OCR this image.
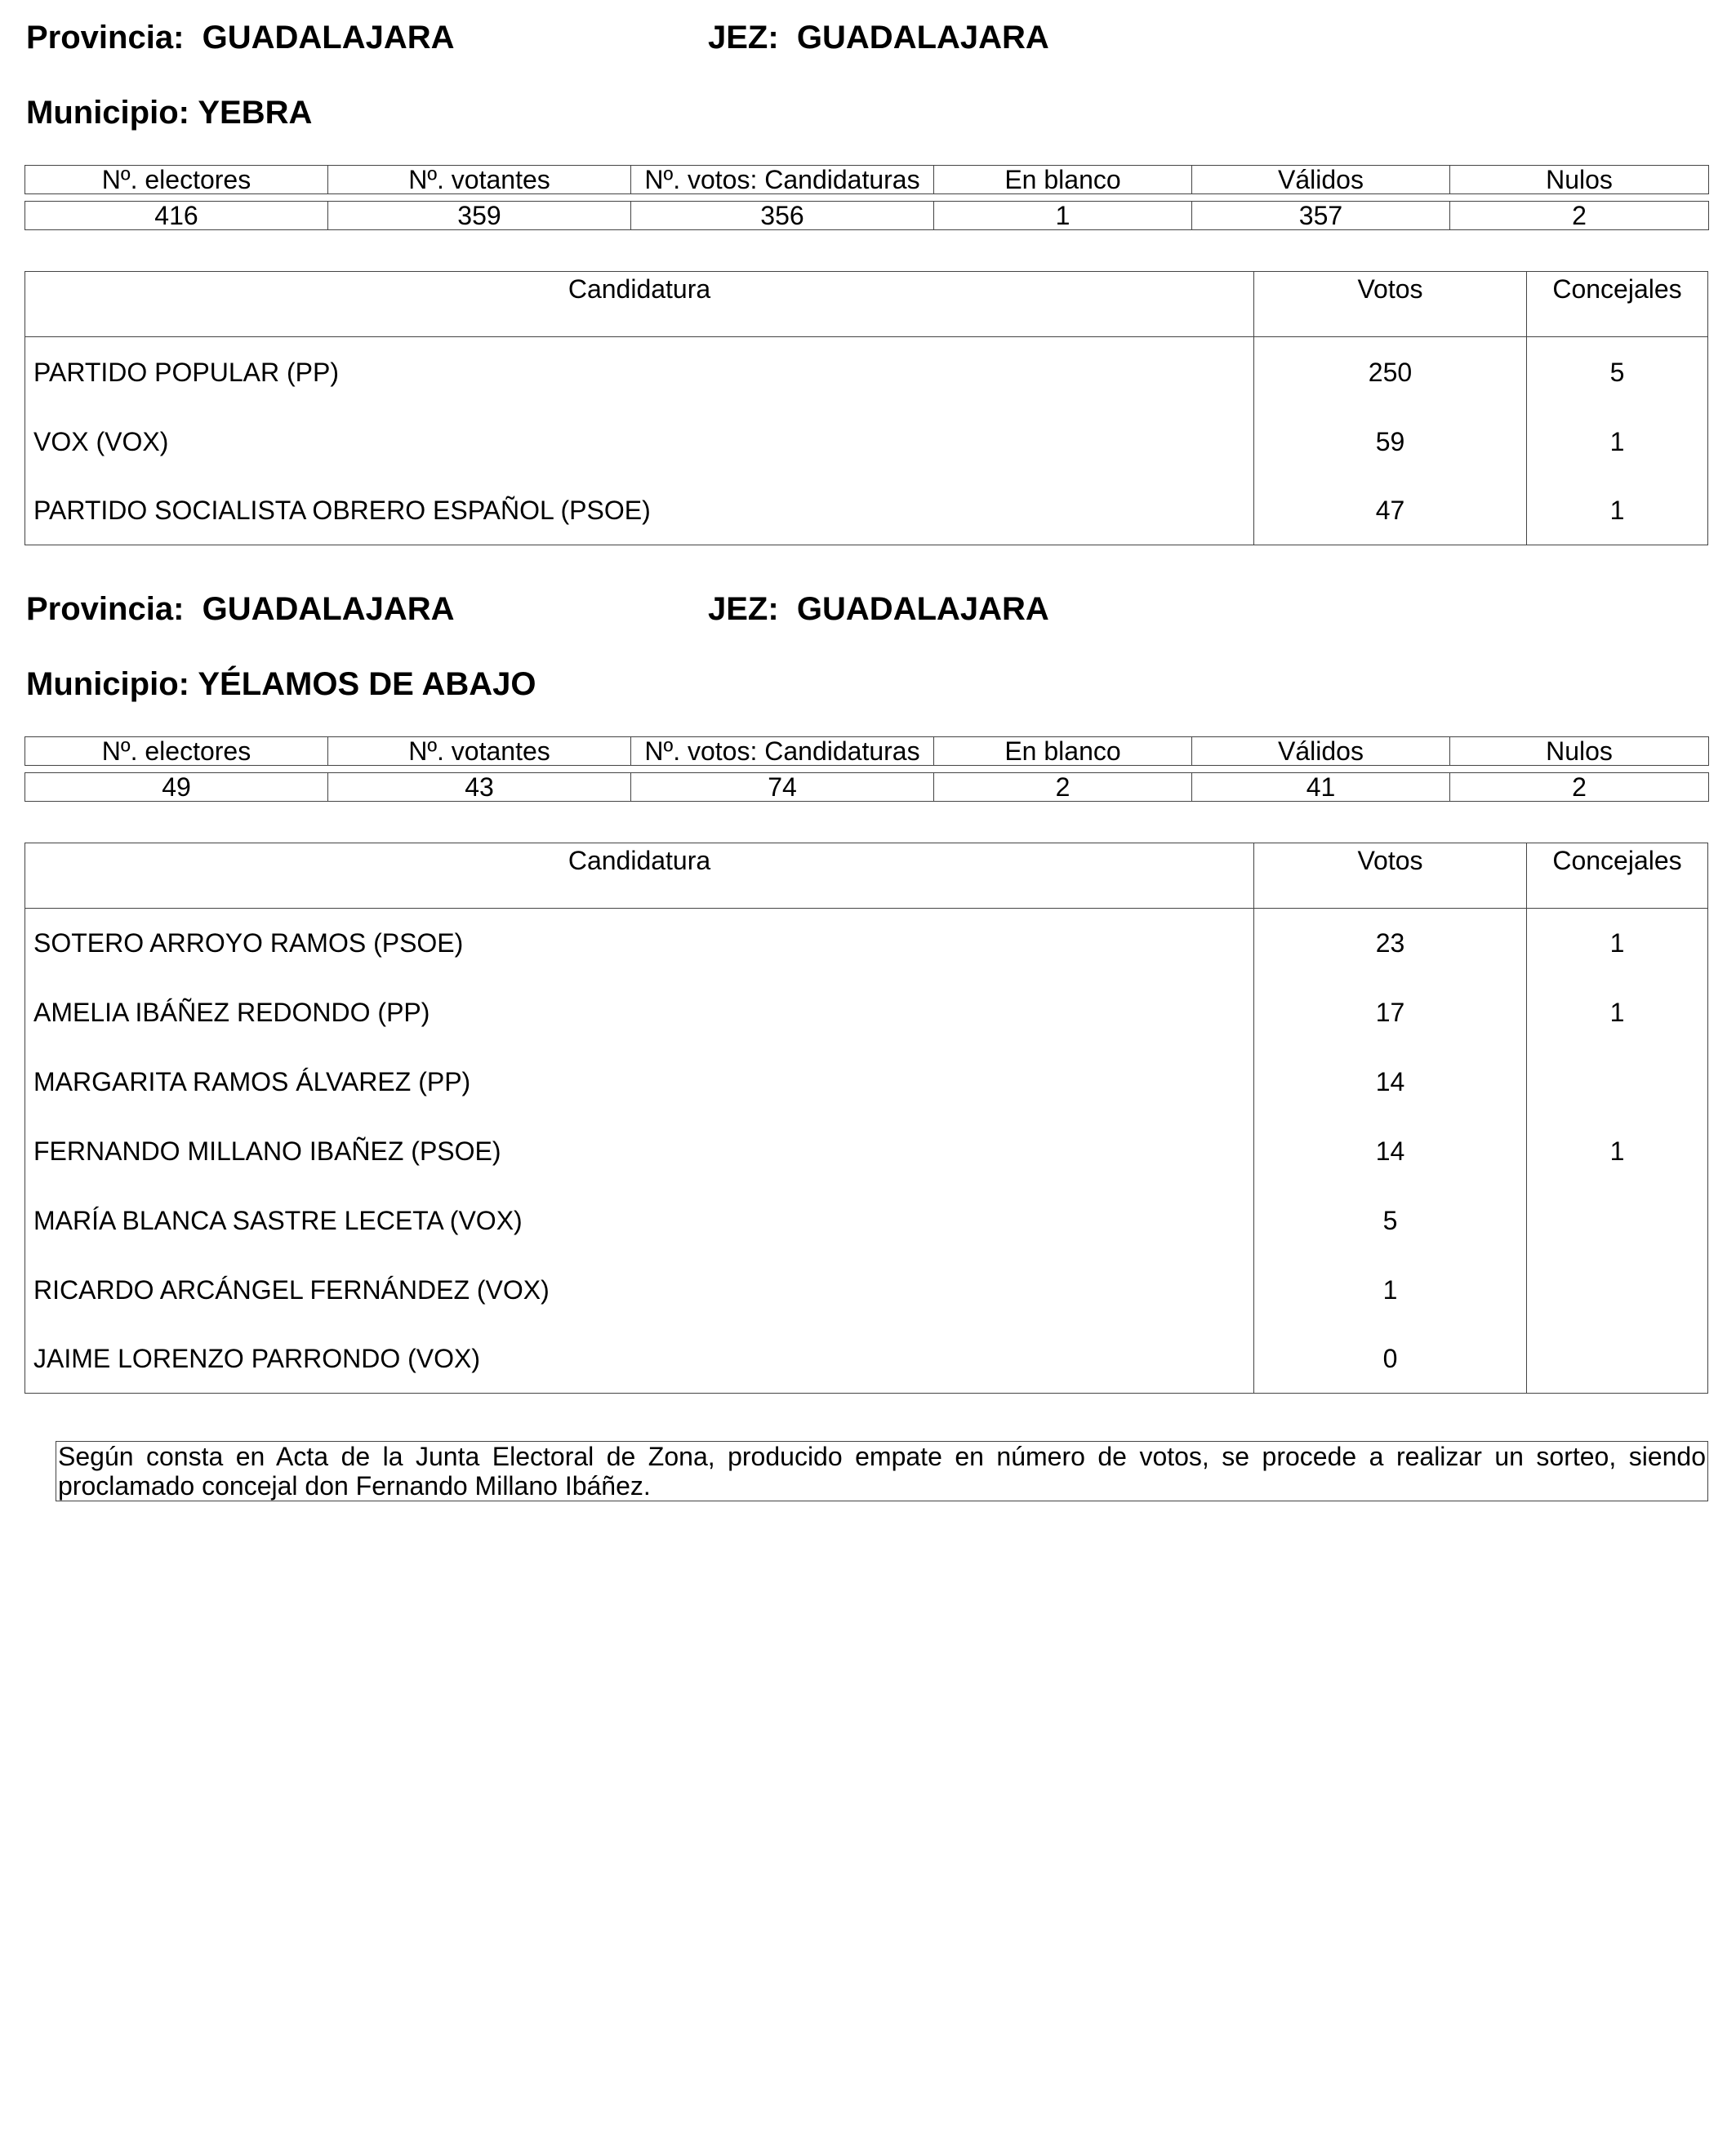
Provincia: GUADALAJARA	JEZ: GUADALAJARA
Municipio: YEBRA
Nº. electores	Nº. votantes	Nº. votos: Candidaturas	En blanco	Válidos	Nulos

416	359	356	1	357	2
Candidatura	Votos	Concejales
PARTIDO POPULAR (PP)	250	5
VOX (VOX)	59	1
PARTIDO SOCIALISTA OBRERO ESPAÑOL (PSOE)	47	1
Provincia: GUADALAJARA	JEZ: GUADALAJARA
Municipio: YÉLAMOS DE ABAJO
Nº. electores	Nº. votantes	Nº. votos: Candidaturas	En blanco	Válidos	Nulos

49	43	74	2	41	2
Candidatura	Votos	Concejales
SOTERO ARROYO RAMOS (PSOE)	23	1
AMELIA IBÁÑEZ REDONDO (PP)	17	1
MARGARITA RAMOS ÁLVAREZ (PP)	14
FERNANDO MILLANO IBAÑEZ (PSOE)	14	1
MARÍA BLANCA SASTRE LECETA (VOX)	5
RICARDO ARCÁNGEL FERNÁNDEZ (VOX)	1
JAIME LORENZO PARRONDO (VOX)	0
Según consta en Acta de la Junta Electoral de Zona, producido empate en número de votos, se procede a realizar un sorteo, siendo proclamado concejal don Fernando Millano Ibáñez.
